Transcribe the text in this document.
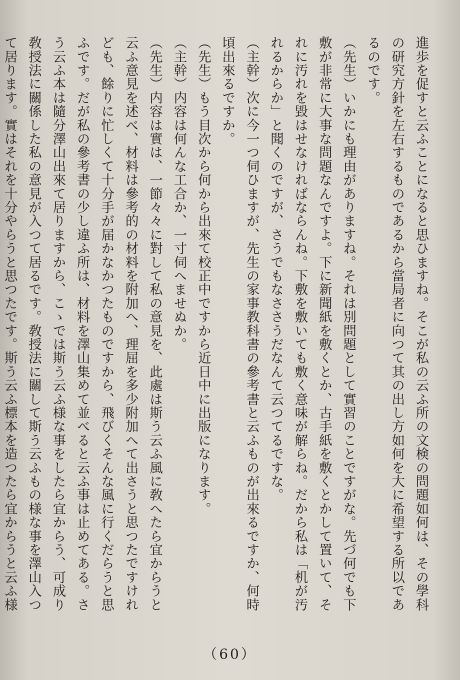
進歩を促すと云ふことになると思ひますね。そこが私の云ふ所の文検の問題如何は、その學科の研究方針を左右するものであるから當局者に向つて其の出し方如何を大に希望する所以であるのです。

（先生）いかにも理由がありますね。それは別問題として實習のことですがな。先づ何でも下敷が非常に大事な問題なんですよ。下に新聞紙を敷くとか、古手紙を敷くとかして置いて、それに汚れを毀はせなければならんね。下敷を敷いても敷く意味が解らね。だから私は「机が汚れるからか」と聞くのですが、さうでもなささうだなんて云つてるですな。

（主幹）次に今一つ伺ひますが、先生の家事教科書の參考書と云ふものが出來るですか、何時頃出來るですか。

（先生）もう目次から何から出來て校正中ですから近日中に出版になります。

（主幹）内容は何んな工合か、一寸伺へませぬか。

（先生）内容は實は、一節々々に對して私の意見を、此處は斯う云ふ風に敎へたら宜からうと云ふ意見を述べ、材料は參考的の材料を附加へ、理屈を多少附加へて出さうと思つたですけれども、餘りに忙しくて十分手が届かなかつたものですから、飛びくそんな風に行くだらうと思ふです。だが私の參考書の少し違ふ所は、材料を澤山集めて並べると云ふ事は止めてある。さう云ふ本は隨分澤山出來て居りますから、こゝでは斯う云ふ様な事をしたら宜からう、可成り敎授法に關係した私の意見が入つて居るです。敎授法に關して斯う云ふもの様な事を澤山入つて居ります。實はそれを十分やらうと思つたです。斯う云ふ標本を造つたら宜からうと云ふ様

（60）
